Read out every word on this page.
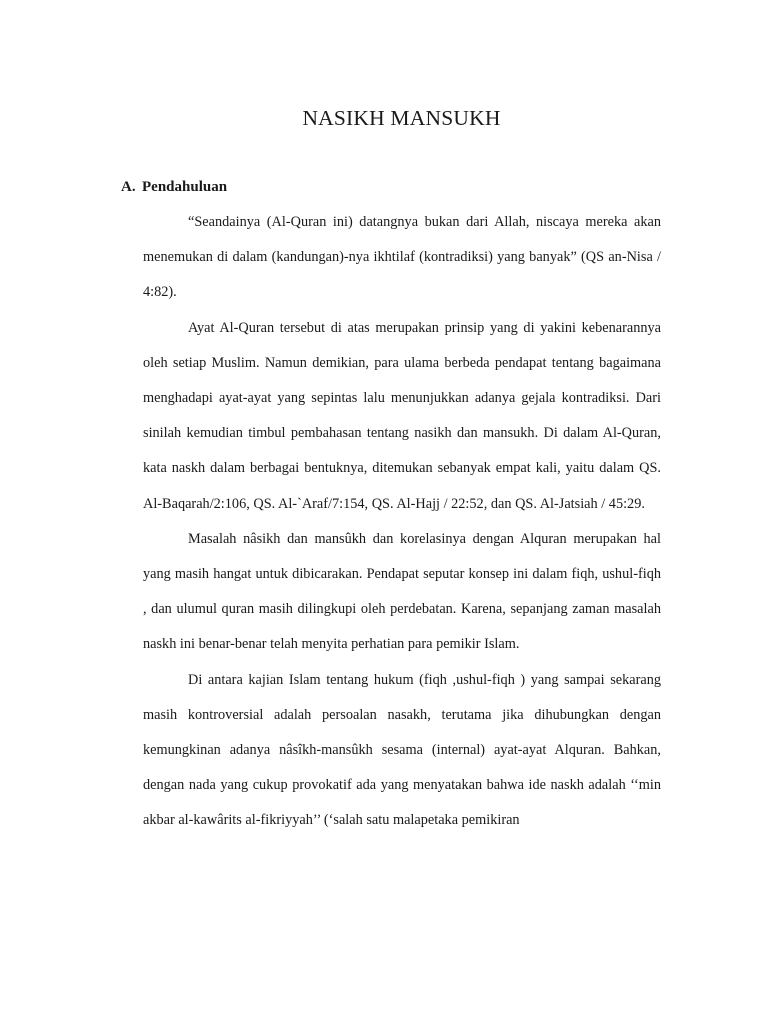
NASIKH MANSUKH
A. Pendahuluan

“Seandainya (Al-Quran ini) datangnya bukan dari Allah, niscaya mereka akan menemukan di dalam (kandungan)-nya ikhtilaf (kontradiksi) yang banyak” (QS an-Nisa / 4:82).

Ayat Al-Quran tersebut di atas merupakan prinsip yang di yakini kebenarannya oleh setiap Muslim. Namun demikian, para ulama berbeda pendapat tentang bagaimana menghadapi ayat-ayat yang sepintas lalu menunjukkan adanya gejala kontradiksi. Dari sinilah kemudian timbul pembahasan tentang nasikh dan mansukh. Di dalam Al-Quran, kata naskh dalam berbagai bentuknya, ditemukan sebanyak empat kali, yaitu dalam QS. Al-Baqarah/2:106, QS. Al-`Araf/7:154, QS. Al-Hajj / 22:52, dan QS. Al-Jatsiah / 45:29.

Masalah nâsikh dan mansûkh dan korelasinya dengan Alquran merupakan hal yang masih hangat untuk dibicarakan. Pendapat seputar konsep ini dalam fiqh, ushul-fiqh , dan ulumul quran masih dilingkupi oleh perdebatan. Karena, sepanjang zaman masalah naskh ini benar-benar telah menyita perhatian para pemikir Islam.

Di antara kajian Islam tentang hukum (fiqh ,ushul-fiqh ) yang sampai sekarang masih kontroversial adalah persoalan nasakh, terutama jika dihubungkan dengan kemungkinan adanya nâsîkh-mansûkh sesama (internal) ayat-ayat Alquran. Bahkan, dengan nada yang cukup provokatif ada yang menyatakan bahwa ide naskh adalah ‘‘min akbar al-kawârits al-fikriyyah’’ (‘salah satu malapetaka pemikiran
